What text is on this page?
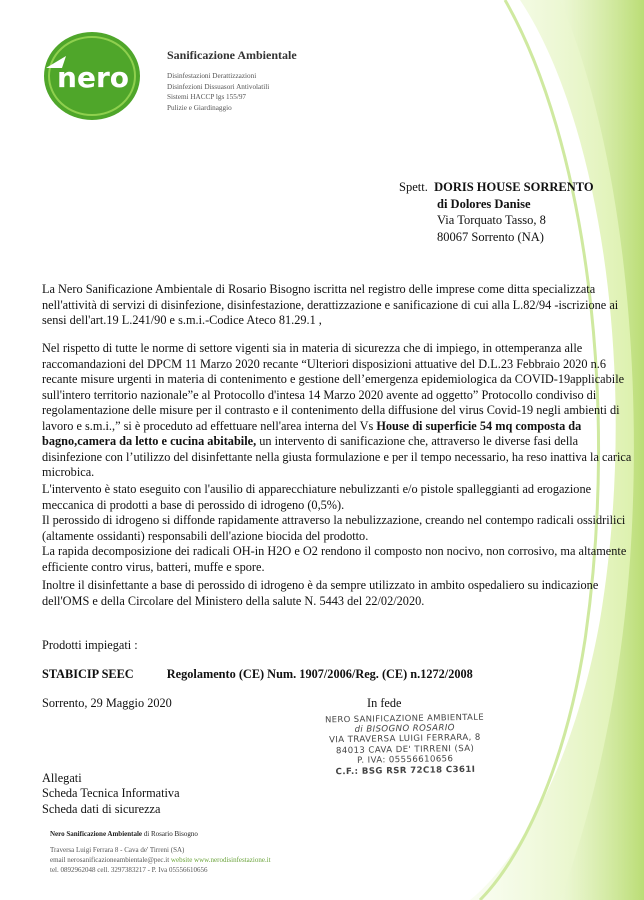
nero
Sanificazione Ambientale
Disinfestazioni Derattizzazioni
Disinfezioni Dissuasori Antivolatili
Sistemi HACCP lgs 155/97
Pulizie e Giardinaggio
Spett. DORIS HOUSE SORRENTO
di Dolores Danise
Via Torquato Tasso, 8
80067 Sorrento (NA)
La Nero Sanificazione Ambientale di Rosario Bisogno iscritta nel registro delle imprese come ditta specializzata nell'attività di servizi di disinfezione, disinfestazione, derattizzazione e sanificazione di cui alla L.82/94 -iscrizione ai sensi dell'art.19 L.241/90 e s.m.i.-Codice Ateco 81.29.1 ,
Nel rispetto di tutte le norme di settore vigenti sia in materia di sicurezza che di impiego, in ottemperanza alle raccomandazioni del DPCM 11 Marzo 2020 recante “Ulteriori disposizioni attuative del D.L.23 Febbraio 2020 n.6 recante misure urgenti in materia di contenimento e gestione dell’emergenza epidemiologica da COVID-19applicabile sull'intero territorio nazionale”e al Protocollo d'intesa 14 Marzo 2020 avente ad oggetto” Protocollo condiviso di regolamentazione delle misure per il contrasto e il contenimento della diffusione del virus Covid-19 negli ambienti di lavoro e s.m.i.,” si è proceduto ad effettuare nell'area interna del Vs House di superficie 54 mq composta da bagno,camera da letto e cucina abitabile, un intervento di sanificazione che, attraverso le diverse fasi della disinfezione con l’utilizzo del disinfettante nella giusta formulazione e per il tempo necessario, ha reso inattiva la carica microbica.
L'intervento è stato eseguito con l'ausilio di apparecchiature nebulizzanti e/o pistole spalleggianti ad erogazione meccanica di prodotti a base di perossido di idrogeno (0,5%).
Il perossido di idrogeno si diffonde rapidamente attraverso la nebulizzazione, creando nel contempo radicali ossidrilici (altamente ossidanti) responsabili dell'azione biocida del prodotto.
La rapida decomposizione dei radicali OH-in H2O e O2 rendono il composto non nocivo, non corrosivo, ma altamente efficiente contro virus, batteri, muffe e spore.
Inoltre il disinfettante a base di perossido di idrogeno è da sempre utilizzato in ambito ospedaliero su indicazione dell'OMS e della Circolare del Ministero della salute N. 5443 del 22/02/2020.
Prodotti impiegati :
STABICIP SEEC	Regolamento (CE) Num. 1907/2006/Reg. (CE) n.1272/2008
Sorrento, 29 Maggio 2020	In fede
NERO SANIFICAZIONE AMBIENTALE
di BISOGNO ROSARIO
VIA TRAVERSA LUIGI FERRARA, 8
84013 CAVA DE' TIRRENI (SA)
P. IVA: 05556610656
C.F.: BSG RSR 72C18 C361I
Allegati
Scheda Tecnica Informativa
Scheda dati di sicurezza
Nero Sanificazione Ambientale di Rosario Bisogno
Traversa Luigi Ferrara 8 - Cava de' Tirreni (SA)
email nerosanificazioneambientale@pec.it website www.nerodisinfestazione.it
tel. 0892962048 cell. 3297383217 - P. Iva 05556610656
